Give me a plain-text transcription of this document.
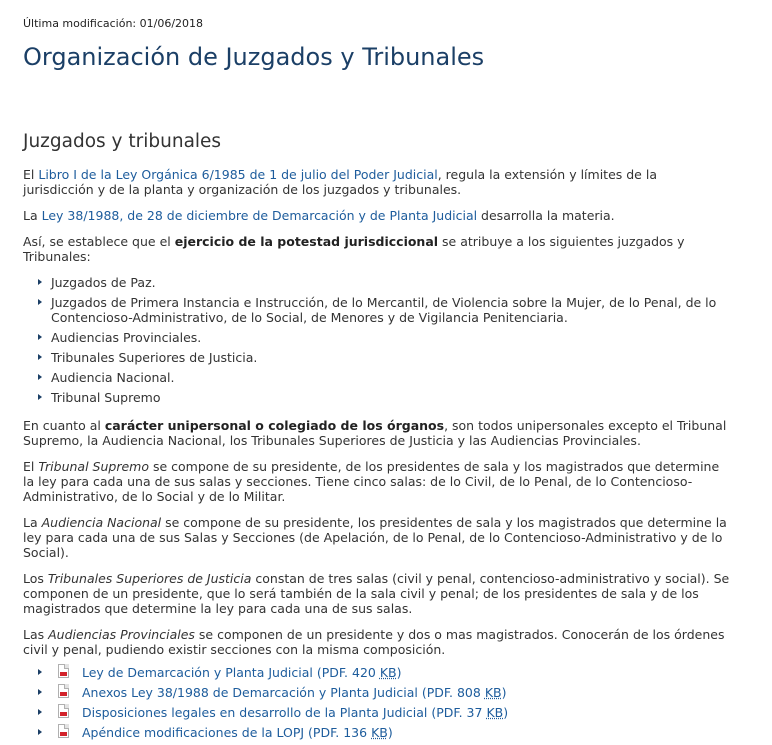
Última modificación: 01/06/2018
Organización de Juzgados y Tribunales
Juzgados y tribunales

El Libro I de la Ley Orgánica 6/1985 de 1 de julio del Poder Judicial, regula la extensión y límites de la jurisdicción y de la planta y organización de los juzgados y tribunales.

La Ley 38/1988, de 28 de diciembre de Demarcación y de Planta Judicial desarrolla la materia.

Así, se establece que el ejercicio de la potestad jurisdiccional se atribuye a los siguientes juzgados y Tribunales:

Juzgados de Paz.
Juzgados de Primera Instancia e Instrucción, de lo Mercantil, de Violencia sobre la Mujer, de lo Penal, de lo Contencioso-Administrativo, de lo Social, de Menores y de Vigilancia Penitenciaria.
Audiencias Provinciales.
Tribunales Superiores de Justicia.
Audiencia Nacional.
Tribunal Supremo

En cuanto al carácter unipersonal o colegiado de los órganos, son todos unipersonales excepto el Tribunal Supremo, la Audiencia Nacional, los Tribunales Superiores de Justicia y las Audiencias Provinciales.

El Tribunal Supremo se compone de su presidente, de los presidentes de sala y los magistrados que determine la ley para cada una de sus salas y secciones. Tiene cinco salas: de lo Civil, de lo Penal, de lo Contencioso-Administrativo, de lo Social y de lo Militar.

La Audiencia Nacional se compone de su presidente, los presidentes de sala y los magistrados que determine la ley para cada una de sus Salas y Secciones (de Apelación, de lo Penal, de lo Contencioso-Administrativo y de lo Social).

Los Tribunales Superiores de Justicia constan de tres salas (civil y penal, contencioso-administrativo y social). Se componen de un presidente, que lo será también de la sala civil y penal; de los presidentes de sala y de los magistrados que determine la ley para cada una de sus salas.

Las Audiencias Provinciales se componen de un presidente y dos o mas magistrados. Conocerán de los órdenes civil y penal, pudiendo existir secciones con la misma composición.

Ley de Demarcación y Planta Judicial (PDF. 420 KB)
Anexos Ley 38/1988 de Demarcación y Planta Judicial (PDF. 808 KB)
Disposiciones legales en desarrollo de la Planta Judicial (PDF. 37 KB)
Apéndice modificaciones de la LOPJ (PDF. 136 KB)
